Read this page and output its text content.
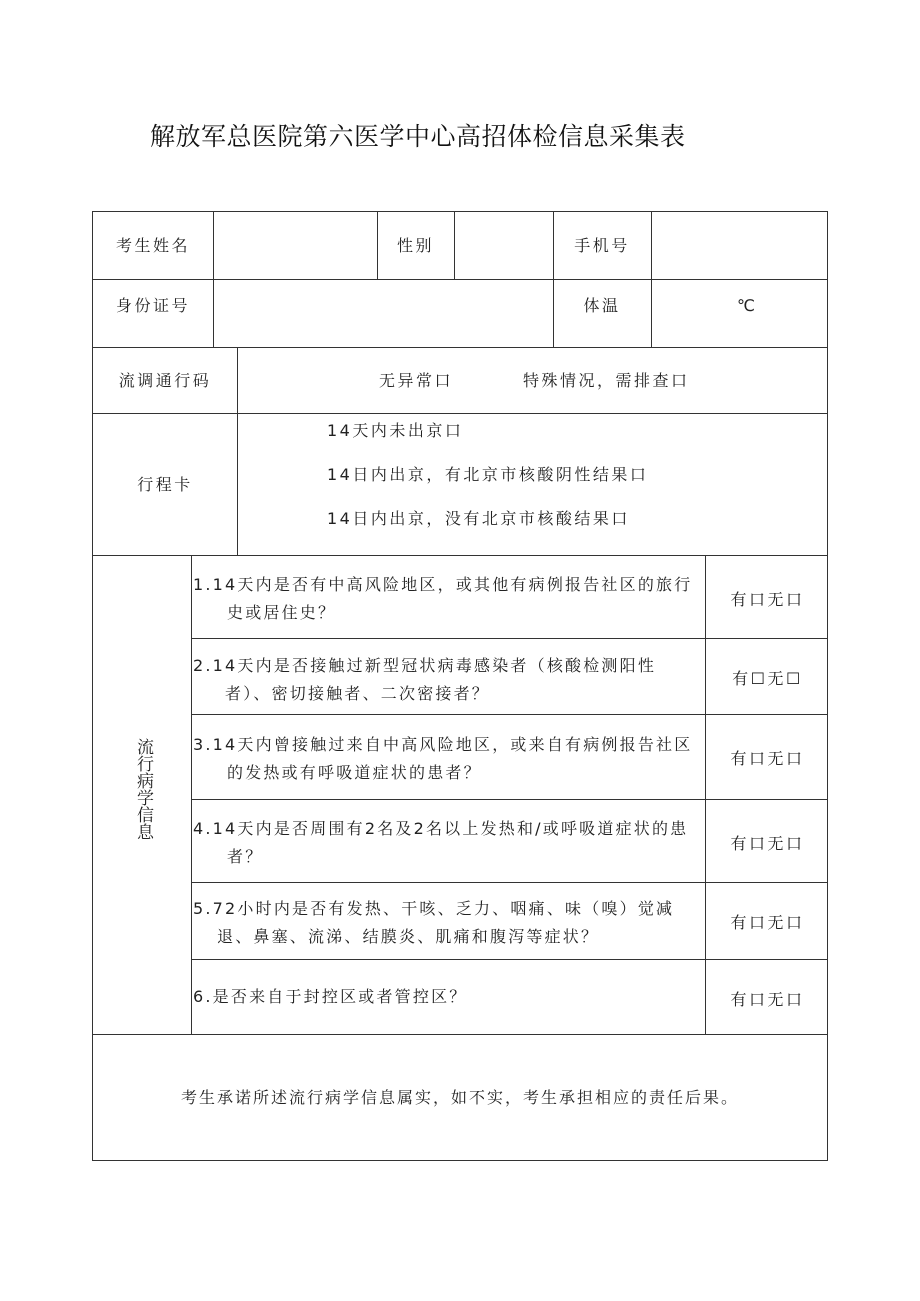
解放军总医院第六医学中心高招体检信息采集表
考生姓名	性别	手机号
身份证号	体温	℃
流调通行码	无异常口	特殊情况，需排查口
行程卡
14天内未出京口
14日内出京，有北京市核酸阴性结果口
14日内出京，没有北京市核酸结果口
流行病学信息
1.14天内是否有中高风险地区，或其他有病例报告社区的旅行
史或居住史？
有口无口
2.14天内是否接触过新型冠状病毒感染者（核酸检测阳性
者）、密切接触者、二次密接者？
有☐无☐
3.14天内曾接触过来自中高风险地区，或来自有病例报告社区
的发热或有呼吸道症状的患者？
有口无口
4.14天内是否周围有2名及2名以上发热和/或呼吸道症状的患
者？
有口无口
5.72小时内是否有发热、干咳、乏力、咽痛、味（嗅）觉减
退、鼻塞、流涕、结膜炎、肌痛和腹泻等症状？
有口无口
6.是否来自于封控区或者管控区？	有口无口
考生承诺所述流行病学信息属实，如不实，考生承担相应的责任后果。
